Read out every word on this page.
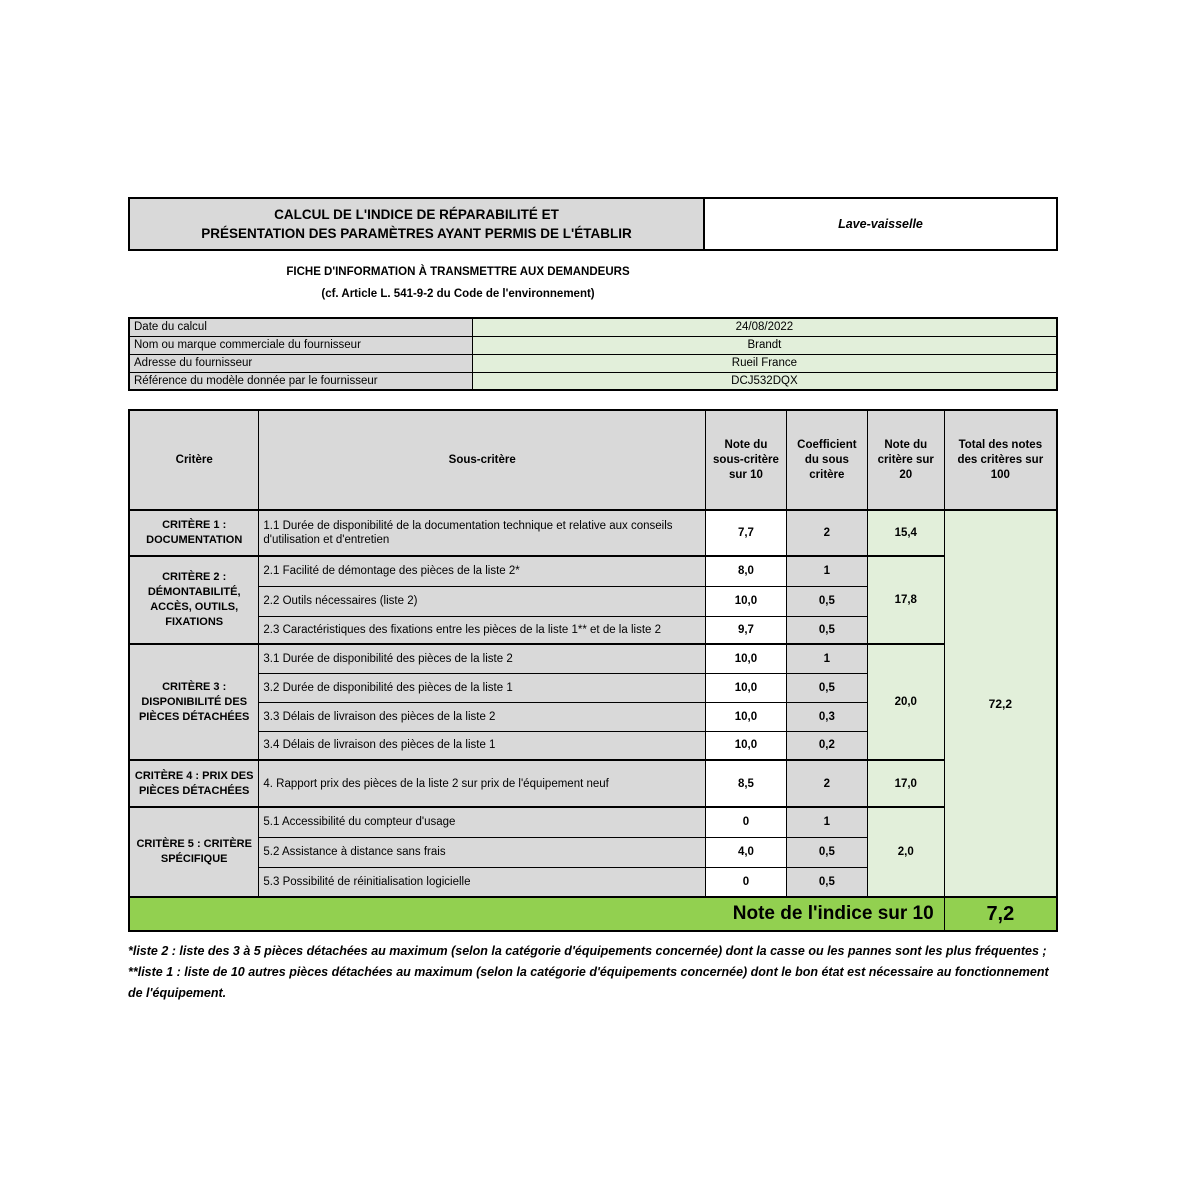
CALCUL DE L'INDICE DE RÉPARABILITÉ ET
PRÉSENTATION DES PARAMÈTRES AYANT PERMIS DE L'ÉTABLIR
Lave-vaisselle
FICHE D'INFORMATION À TRANSMETTRE AUX DEMANDEURS
(cf. Article L. 541-9-2 du Code de l'environnement)
Date du calcul	24/08/2022
Nom ou marque commerciale du fournisseur	Brandt
Adresse du fournisseur	Rueil France
Référence du modèle donnée par le fournisseur	DCJ532DQX
Critère	Sous-critère	Note du sous-critère sur 10	Coefficient du sous critère	Note du critère sur 20	Total des notes des critères sur 100
CRITÈRE 1 : DOCUMENTATION	1.1 Durée de disponibilité de la documentation technique et relative aux conseils d'utilisation et d'entretien	7,7	2	15,4	72,2
CRITÈRE 2 : DÉMONTABILITÉ, ACCÈS, OUTILS, FIXATIONS	2.1 Facilité de démontage des pièces de la liste 2*	8,0	1	17,8	
	2.2 Outils nécessaires (liste 2)	10,0	0,5		
	2.3 Caractéristiques des fixations entre les pièces de la liste 1** et de la liste 2	9,7	0,5		
CRITÈRE 3 : DISPONIBILITÉ DES PIÈCES DÉTACHÉES	3.1 Durée de disponibilité des pièces de la liste 2	10,0	1	20,0	
	3.2 Durée de disponibilité des pièces de la liste 1	10,0	0,5		
	3.3 Délais de livraison des pièces de la liste 2	10,0	0,3		
	3.4 Délais de livraison des pièces de la liste 1	10,0	0,2		
CRITÈRE 4 : PRIX DES PIÈCES DÉTACHÉES	4. Rapport prix des pièces de la liste 2 sur prix de l'équipement neuf	8,5	2	17,0	
CRITÈRE 5 : CRITÈRE SPÉCIFIQUE	5.1 Accessibilité du compteur d'usage	0	1	2,0	
	5.2 Assistance à distance sans frais	4,0	0,5		
	5.3 Possibilité de réinitialisation logicielle	0	0,5		
Note de l'indice sur 10					7,2

*liste 2 : liste des 3 à 5 pièces détachées au maximum (selon la catégorie d'équipements concernée) dont la casse ou les pannes sont les plus fréquentes ;

**liste 1 : liste de 10 autres pièces détachées au maximum (selon la catégorie d'équipements concernée) dont le bon état est nécessaire au fonctionnement de l'équipement.
